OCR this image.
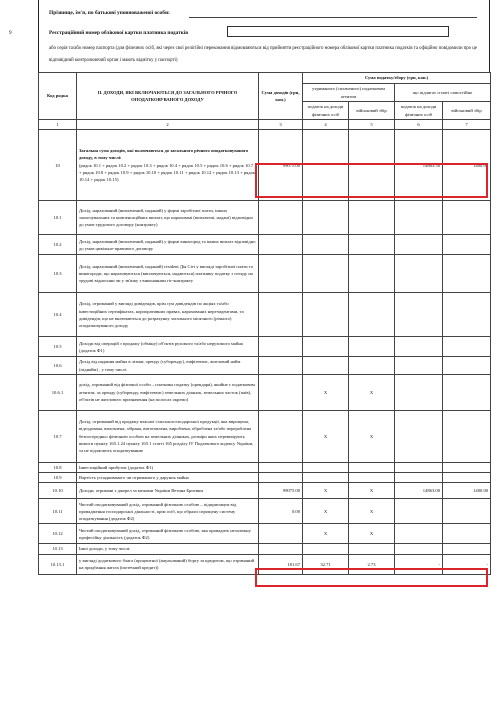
Прізвище, ім'я, по батькові уповноваженої особи:
9	Реєстраційний номер облікової картки платника податків
або серія та/або номер паспорта (для фізичних осіб, які через свої релігійні переконання відмовляються від прийняття реєстраційного номера облікової картки платника податків та офіційно повідомили про це відповідний контролюючий орган і мають відмітку у паспорті)
Код рядка	II. ДОХОДИ, ЯКІ ВКЛЮЧАЮТЬСЯ ДО ЗАГАЛЬНОГО РІЧНОГО ОПОДАТКОВУВАНОГО ДОХОДУ	Сума доходів (грн, коп.)	Сума податку/збору (грн, коп.)			
			утриманого (сплаченого) податковим агентом		що підлягає сплаті самостійно	
			податок на доходи фізичних осіб	військовий збір	податок на доходи фізичних осіб	військовий збір
1	2	3	4	5	6	7
10	Загальна сума доходів, які включаються до загального річного оподатковуваного доходу, в тому числі:
(рядок 10.1 + рядок 10.2 + рядок 10.3 + рядок 10.4 + рядок 10.5 + рядок 10.6 + рядок 10.7 + рядок 10.8 + рядок 10.9 + рядок 10.10 + рядок 10.11 + рядок 10.12 + рядок 10.13 + рядок 10.14 + рядок 10.15)	99075.00			14863.50	1400.00
10.1	Дохід, нарахований (виплачений, наданий) у формі заробітної плати, інших заохочувальних та компенсаційних виплат, що нараховані (виплачені, надані) відповідно до умов трудового договору (контракту)					
10.2	Дохід, нарахований (виплачений, наданий) у формі винагород та інших виплат відповідно до умов цивільно-правового договору					
10.3	Дохід, нарахований (виплачений, наданий) resident Дія Сіті у вигляді заробітної плати та винагороди, що нараховуються (виплачуються, надаються) платнику податку з огляду на трудові відносини чи у зв'язку з виконанням гіг-контракту					
10.4	Дохід, отриманий у вигляді дивідендів, крім сум дивідендів по акціях та/або інвестиційних сертифікатах, корпоративних правах, нарахованих нерезидентами, та дивідендів, що не включаються до розрахунку загального місячного (річного) оподатковуваного доходу					
10.5	Доходи від операцій з продажу (обміну) об'єктів рухомого та/або нерухомого майна (додаток Ф1)					
10.6	Дохід від надання майна в лізинг, оренду (суборенду), емфітевзис, житловий найм (піднайм) , у тому числі:					
10.6.1	дохід, отриманий від фізичної особи – платника податку (орендаря), якийне є податковим агентом, за оренду (суборенду, емфітевзис) земельних ділянок, земельних часток (паїв), об'єктів не житлового призначення (на полосах окремо)		X	X		
10.7	Дохід, отриманий від продажу власної сільськогосподарської продукції, яка вирощена, відгодована, виловлена, зібрана, виготовлена, вироблена, оброблена та/або перероблена безпосередньо фізичною особою на земельних ділянках, розміри яких перевищують вимоги пункту 165.1.24 пункту 165.1 статті 165 розділу IV Податкового кодексу України, та не підлягають оподаткуванню		X	X		
10.8	Інвестиційний прибуток (додаток Ф1)					
10.9	Вартість успадкованого чи отриманого у дарунок майна					
10.10	Доходи, отримані з джерел за межами України Ветина Бритвни	99075.00	X	X	14863.00	1400.00
10.11	Чистий оподатковуваний дохід, отриманий фізичною особою – підприємцем від провадження господарської діяльності, крім осіб, що обрали спрощену систему оподаткування (додаток Ф2)	0.00	X	X		
10.12	Чистий оподатковуваний дохід, отриманий фізичною особою, яка провадить незалежну професійну діяльність (додаток Ф2)		X	X		
10.13	Інші доходи, у тому числі:					
10.13.1	у вигляді додаткового блага (процентної (анульований) боргу за кредитом, що отриманий на придбання житла (іпотечний кредит))	181.67	32.71	2.73	-	-
